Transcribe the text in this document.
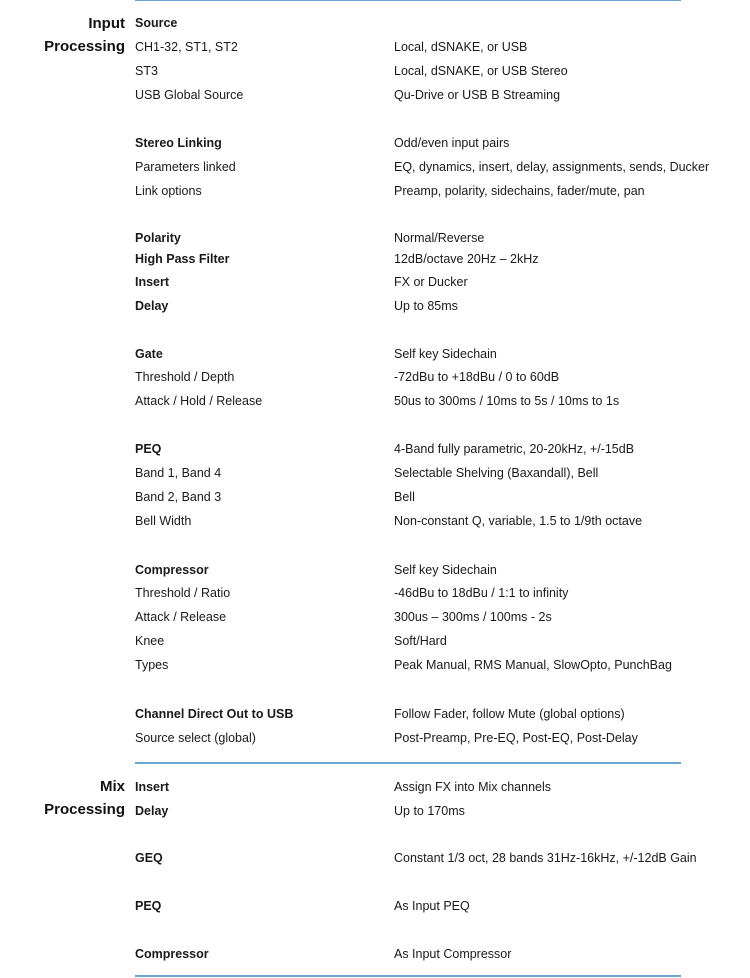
Input
Processing
Source
CH1-32, ST1, ST2	Local, dSNAKE, or USB
ST3	Local, dSNAKE, or USB Stereo
USB Global Source	Qu-Drive or USB B Streaming
Stereo Linking	Odd/even input pairs
Parameters linked	EQ, dynamics, insert, delay, assignments, sends, Ducker
Link options	Preamp, polarity, sidechains, fader/mute, pan
Polarity	Normal/Reverse
High Pass Filter	12dB/octave 20Hz – 2kHz
Insert	FX or Ducker
Delay	Up to 85ms
Gate	Self key Sidechain
Threshold / Depth	-72dBu to +18dBu / 0 to 60dB
Attack / Hold / Release	50us to 300ms / 10ms to 5s / 10ms to 1s
PEQ	4-Band fully parametric, 20-20kHz, +/-15dB
Band 1, Band 4	Selectable Shelving (Baxandall), Bell
Band 2, Band 3	Bell
Bell Width	Non-constant Q, variable, 1.5 to 1/9th octave
Compressor	Self key Sidechain
Threshold / Ratio	-46dBu to 18dBu / 1:1 to infinity
Attack / Release	300us – 300ms / 100ms - 2s
Knee	Soft/Hard
Types	Peak Manual, RMS Manual, SlowOpto, PunchBag
Channel Direct Out to USB	Follow Fader, follow Mute (global options)
Source select (global)	Post-Preamp, Pre-EQ, Post-EQ, Post-Delay
Mix
Processing
Insert	Assign FX into Mix channels
Delay	Up to 170ms
GEQ	Constant 1/3 oct, 28 bands 31Hz-16kHz, +/-12dB Gain
PEQ	As Input PEQ
Compressor	As Input Compressor
